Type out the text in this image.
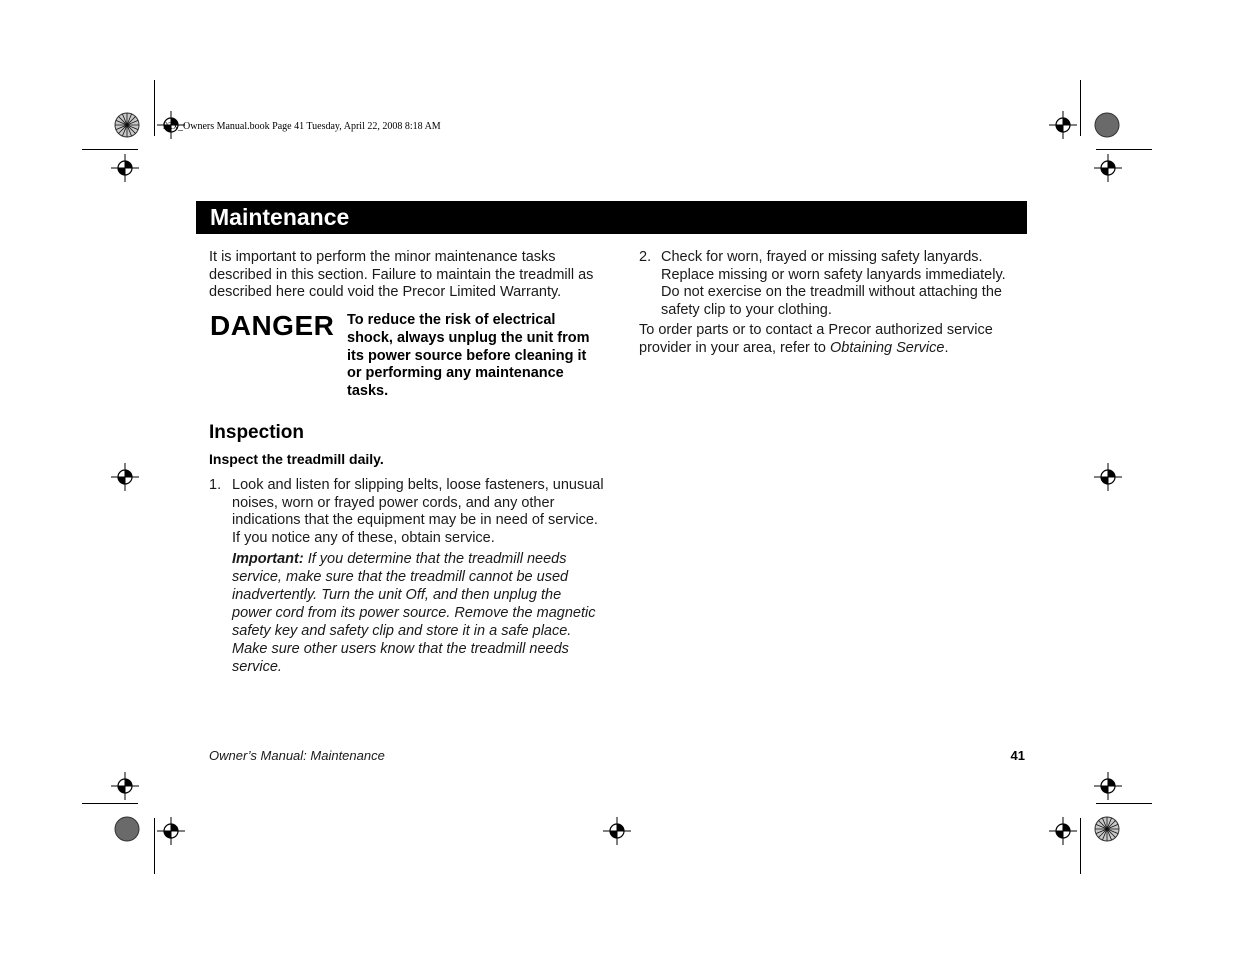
92x_Owners Manual.book Page 41 Tuesday, April 22, 2008 8:18 AM
Maintenance
It is important to perform the minor maintenance tasks described in this section. Failure to maintain the treadmill as described here could void the Precor Limited Warranty.
DANGER To reduce the risk of electrical shock, always unplug the unit from its power source before cleaning it or performing any maintenance tasks.
Inspection
Inspect the treadmill daily.
1. Look and listen for slipping belts, loose fasteners, unusual noises, worn or frayed power cords, and any other indications that the equipment may be in need of service. If you notice any of these, obtain service.
Important: If you determine that the treadmill needs service, make sure that the treadmill cannot be used inadvertently. Turn the unit Off, and then unplug the power cord from its power source. Remove the magnetic safety key and safety clip and store it in a safe place. Make sure other users know that the treadmill needs service.
2. Check for worn, frayed or missing safety lanyards. Replace missing or worn safety lanyards immediately. Do not exercise on the treadmill without attaching the safety clip to your clothing.
To order parts or to contact a Precor authorized service provider in your area, refer to Obtaining Service.
Owner’s Manual: Maintenance	41
